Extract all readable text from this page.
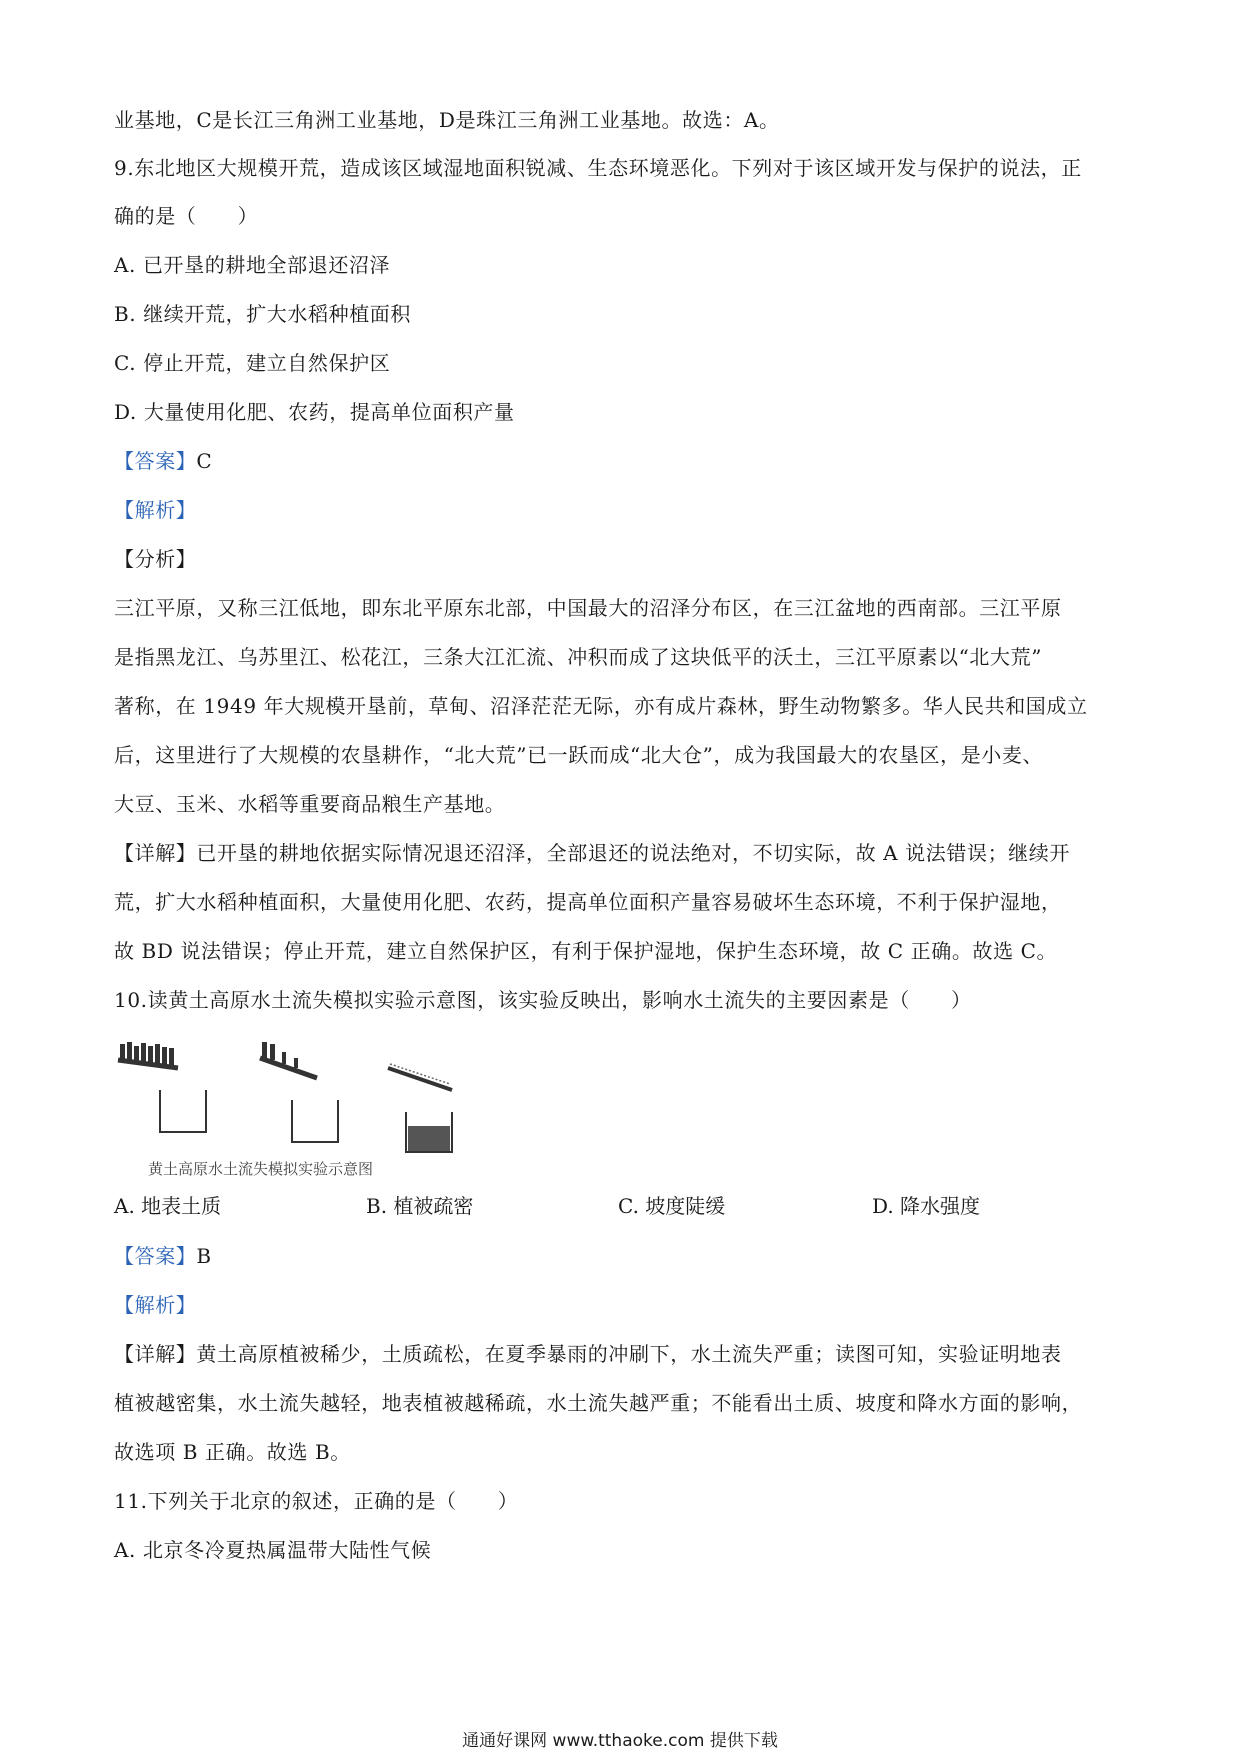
业基地，C是长江三角洲工业基地，D是珠江三角洲工业基地。故选：A。
9.东北地区大规模开荒，造成该区域湿地面积锐减、生态环境恶化。下列对于该区域开发与保护的说法，正
确的是（　　）
A. 已开垦的耕地全部退还沼泽
B. 继续开荒，扩大水稻种植面积
C. 停止开荒，建立自然保护区
D. 大量使用化肥、农药，提高单位面积产量
【答案】C
【解析】
【分析】
三江平原，又称三江低地，即东北平原东北部，中国最大的沼泽分布区，在三江盆地的西南部。三江平原
是指黑龙江、乌苏里江、松花江，三条大江汇流、冲积而成了这块低平的沃土，三江平原素以“北大荒”
著称，在 1949 年大规模开垦前，草甸、沼泽茫茫无际，亦有成片森林，野生动物繁多。华人民共和国成立
后，这里进行了大规模的农垦耕作，“北大荒”已一跃而成“北大仓”，成为我国最大的农垦区，是小麦、
大豆、玉米、水稻等重要商品粮生产基地。
【详解】已开垦的耕地依据实际情况退还沼泽，全部退还的说法绝对，不切实际，故 A 说法错误；继续开
荒，扩大水稻种植面积，大量使用化肥、农药，提高单位面积产量容易破坏生态环境，不利于保护湿地，
故 BD 说法错误；停止开荒，建立自然保护区，有利于保护湿地，保护生态环境，故 C 正确。故选 C。
10.读黄土高原水土流失模拟实验示意图，该实验反映出，影响水土流失的主要因素是（　　）
黄土高原水土流失模拟实验示意图
A. 地表土质	B. 植被疏密	C. 坡度陡缓	D. 降水强度
【答案】B
【解析】
【详解】黄土高原植被稀少，土质疏松，在夏季暴雨的冲刷下，水土流失严重；读图可知，实验证明地表
植被越密集，水土流失越轻，地表植被越稀疏，水土流失越严重；不能看出土质、坡度和降水方面的影响，
故选项 B 正确。故选 B。
11.下列关于北京的叙述，正确的是（　　）
A. 北京冬冷夏热属温带大陆性气候
通通好课网 www.tthaoke.com 提供下载
